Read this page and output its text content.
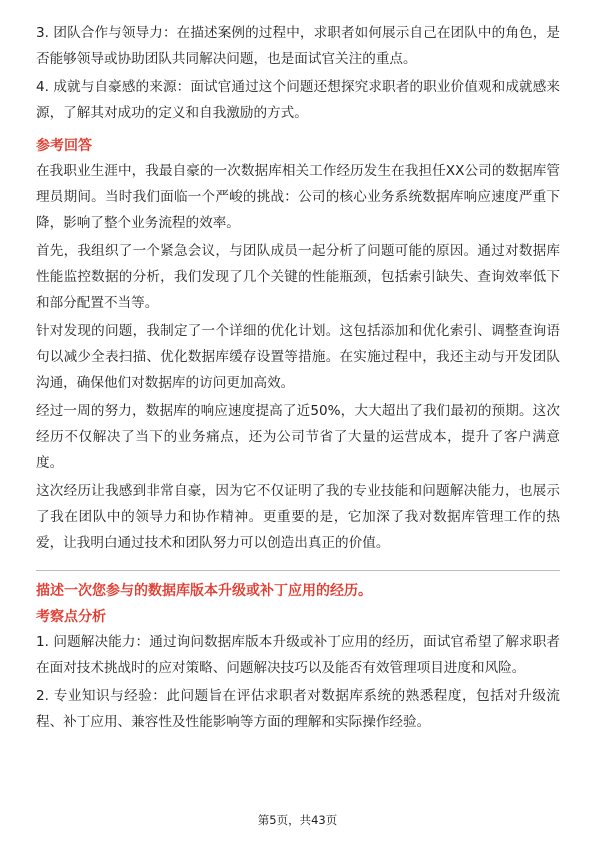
3. 团队合作与领导力：在描述案例的过程中，求职者如何展示自己在团队中的角色，是否能够领导或协助团队共同解决问题，也是面试官关注的重点。

4. 成就与自豪感的来源：面试官通过这个问题还想探究求职者的职业价值观和成就感来源，了解其对成功的定义和自我激励的方式。

参考回答

在我职业生涯中，我最自豪的一次数据库相关工作经历发生在我担任XX公司的数据库管理员期间。当时我们面临一个严峻的挑战：公司的核心业务系统数据库响应速度严重下降，影响了整个业务流程的效率。

首先，我组织了一个紧急会议，与团队成员一起分析了问题可能的原因。通过对数据库性能监控数据的分析，我们发现了几个关键的性能瓶颈，包括索引缺失、查询效率低下和部分配置不当等。

针对发现的问题，我制定了一个详细的优化计划。这包括添加和优化索引、调整查询语句以减少全表扫描、优化数据库缓存设置等措施。在实施过程中，我还主动与开发团队沟通，确保他们对数据库的访问更加高效。

经过一周的努力，数据库的响应速度提高了近50%，大大超出了我们最初的预期。这次经历不仅解决了当下的业务痛点，还为公司节省了大量的运营成本，提升了客户满意度。

这次经历让我感到非常自豪，因为它不仅证明了我的专业技能和问题解决能力，也展示了我在团队中的领导力和协作精神。更重要的是，它加深了我对数据库管理工作的热爱，让我明白通过技术和团队努力可以创造出真正的价值。

描述一次您参与的数据库版本升级或补丁应用的经历。
考察点分析

1. 问题解决能力：通过询问数据库版本升级或补丁应用的经历，面试官希望了解求职者在面对技术挑战时的应对策略、问题解决技巧以及能否有效管理项目进度和风险。

2. 专业知识与经验：此问题旨在评估求职者对数据库系统的熟悉程度，包括对升级流程、补丁应用、兼容性及性能影响等方面的理解和实际操作经验。

第5页，共43页
